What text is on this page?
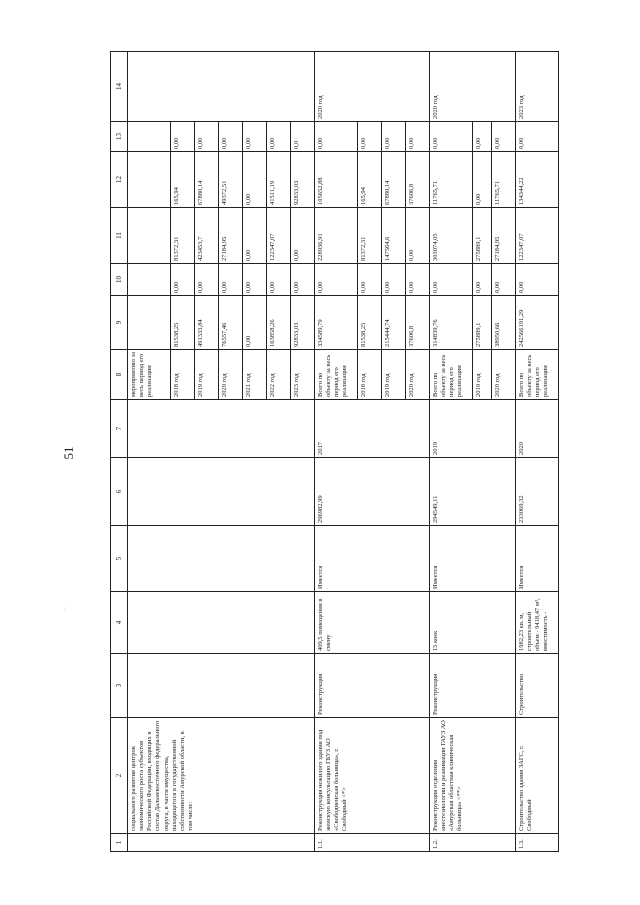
51
··
1	2	3	4	5	6	7	8	9	10	11	12	13	14
	социального развития центров экономического роста субъектов Российской Федерации, входящих в состав Дальневосточного федерального округа, в части имущества, находящегося в государственной собственности Амурской области, в том числе:						мероприятию за весь период его реализации						
							2018 год	81538,25	0,00	81372,31	165,94	0,00	
							2019 год	491333,84	0,00	423453,7	67880,14	0,00	
							2020 год	76557,46	0,00	27184,95	49372,51	0,00	
							2021 год	0,00	0,00	0,00	0,00	0,00	
							2022 год	163858,26	0,00	122347,07	41511,19	0,00	
							2023 год	92833,03	0,00	0,00	92833,03	0,0	
1.1.	Реконструкция нежилого здания под женскую консультацию ГБУЗ АО «Свободненская больница», г. Свободный <*>	Реконструкция	409,5 помещения в смену	Имеется	296982,99	2017	Всего по объекту за весь период его реализации	334589,79	0,00	228936,91	105652,88	0,00	2020 год
							2018 год	81538,25	0,00	81372,31	165,94	0,00	
							2019 год	215444,74	0,00	147564,6	67880,14	0,00	
							2020 год	37606,8	0,00	0,00	37606,8	0,00	
1.2.	Реконструкция отделения анестезиологии и реанимации ГАУЗ АО «Амурская областная клиническая больница» <**>	Реконструкция	15 коек	Имеется	294549,11	2019	Всего по объекту за весь период его реализации	314839,76	0,00	303074,05	11765,71	0,00	2020 год
							2019 год	275889,1	0,00	275889,1	0,00	0,00	
							2020 год	38950,66	0,00	27184,95	11765,71	0,00	
1.3.	Строительство здания ЗАГС, г. Свободный	Строительство	1982,23 кв. м, строительный объем - 9418,47 м³, вместимость -	Имеется	233069,32	2020	Всего по объекту за весь период его реализации	242566191,29	0,00	122347,07	134344,22	0,00	2023 год
